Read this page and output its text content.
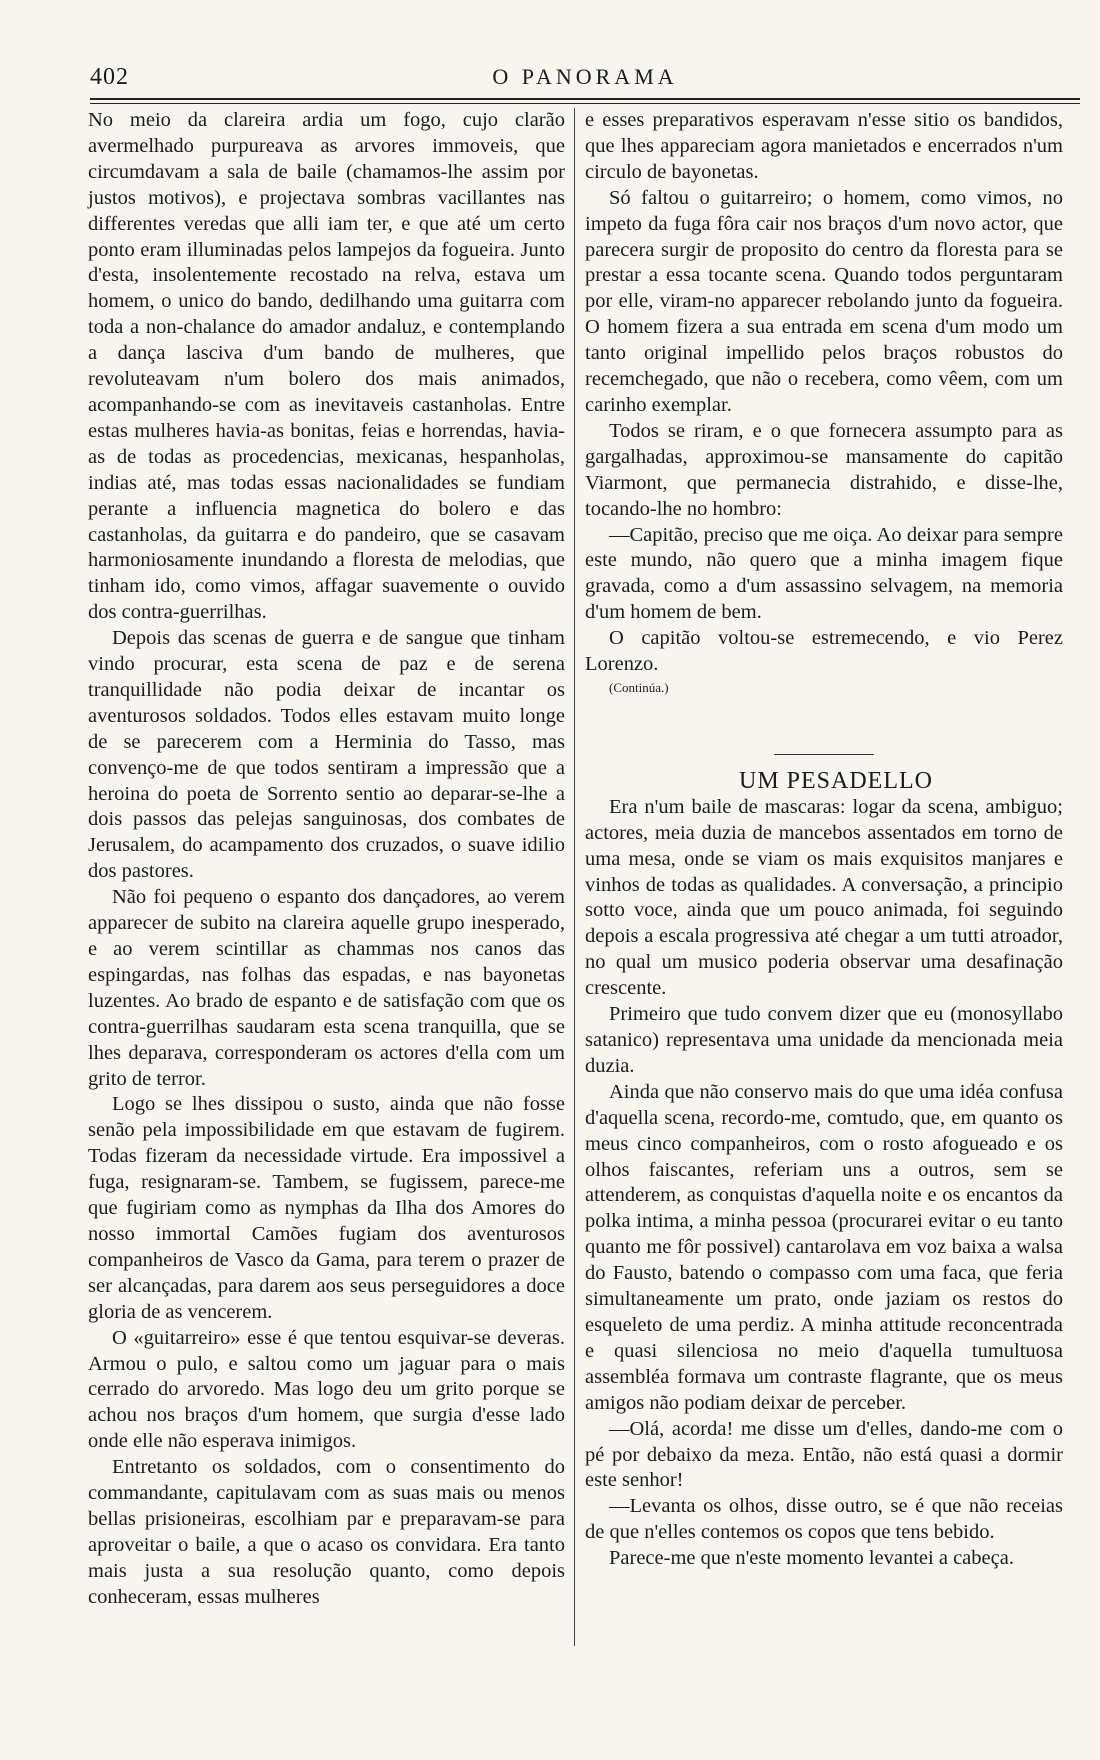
402	O PANORAMA

No meio da clareira ardia um fogo, cujo clarão avermelhado purpureava as arvores immoveis, que circumdavam a sala de baile (chamamos-lhe assim por justos motivos), e projectava sombras vacillantes nas differentes veredas que alli iam ter, e que até um certo ponto eram illuminadas pelos lampejos da fogueira. Junto d'esta, insolentemente recostado na relva, estava um homem, o unico do bando, dedilhando uma guitarra com toda a non-chalance do amador andaluz, e contemplando a dança lasciva d'um bando de mulheres, que revoluteavam n'um bolero dos mais animados, acompanhando-se com as inevitaveis castanholas. Entre estas mulheres havia-as bonitas, feias e horrendas, havia-as de todas as procedencias, mexicanas, hespanholas, indias até, mas todas essas nacionalidades se fundiam perante a influencia magnetica do bolero e das castanholas, da guitarra e do pandeiro, que se casavam harmoniosamente inundando a floresta de melodias, que tinham ido, como vimos, affagar suavemente o ouvido dos contra-guerrilhas.

Depois das scenas de guerra e de sangue que tinham vindo procurar, esta scena de paz e de serena tranquillidade não podia deixar de incantar os aventurosos soldados. Todos elles estavam muito longe de se parecerem com a Herminia do Tasso, mas convenço-me de que todos sentiram a impressão que a heroina do poeta de Sorrento sentio ao deparar-se-lhe a dois passos das pelejas sanguinosas, dos combates de Jerusalem, do acampamento dos cruzados, o suave idilio dos pastores.

Não foi pequeno o espanto dos dançadores, ao verem apparecer de subito na clareira aquelle grupo inesperado, e ao verem scintillar as chammas nos canos das espingardas, nas folhas das espadas, e nas bayonetas luzentes. Ao brado de espanto e de satisfação com que os contra-guerrilhas saudaram esta scena tranquilla, que se lhes deparava, corresponderam os actores d'ella com um grito de terror.

Logo se lhes dissipou o susto, ainda que não fosse senão pela impossibilidade em que estavam de fugirem. Todas fizeram da necessidade virtude. Era impossivel a fuga, resignaram-se. Tambem, se fugissem, parece-me que fugiriam como as nymphas da Ilha dos Amores do nosso immortal Camões fugiam dos aventurosos companheiros de Vasco da Gama, para terem o prazer de ser alcançadas, para darem aos seus perseguidores a doce gloria de as vencerem.

O «guitarreiro» esse é que tentou esquivar-se deveras. Armou o pulo, e saltou como um jaguar para o mais cerrado do arvoredo. Mas logo deu um grito porque se achou nos braços d'um homem, que surgia d'esse lado onde elle não esperava inimigos.

Entretanto os soldados, com o consentimento do commandante, capitulavam com as suas mais ou menos bellas prisioneiras, escolhiam par e preparavam-se para aproveitar o baile, a que o acaso os convidara. Era tanto mais justa a sua resolução quanto, como depois conheceram, essas mulheres

e esses preparativos esperavam n'esse sitio os bandidos, que lhes appareciam agora manietados e encerrados n'um circulo de bayonetas.

Só faltou o guitarreiro; o homem, como vimos, no impeto da fuga fôra cair nos braços d'um novo actor, que parecera surgir de proposito do centro da floresta para se prestar a essa tocante scena. Quando todos perguntaram por elle, viram-no apparecer rebolando junto da fogueira. O homem fizera a sua entrada em scena d'um modo um tanto original impellido pelos braços robustos do recemchegado, que não o recebera, como vêem, com um carinho exemplar.

Todos se riram, e o que fornecera assumpto para as gargalhadas, approximou-se mansamente do capitão Viarmont, que permanecia distrahido, e disse-lhe, tocando-lhe no hombro:

—Capitão, preciso que me oiça. Ao deixar para sempre este mundo, não quero que a minha imagem fique gravada, como a d'um assassino selvagem, na memoria d'um homem de bem.

O capitão voltou-se estremecendo, e vio Perez Lorenzo.

(Continúa.)

UM PESADELLO

Era n'um baile de mascaras: logar da scena, ambiguo; actores, meia duzia de mancebos assentados em torno de uma mesa, onde se viam os mais exquisitos manjares e vinhos de todas as qualidades. A conversação, a principio sotto voce, ainda que um pouco animada, foi seguindo depois a escala progressiva até chegar a um tutti atroador, no qual um musico poderia observar uma desafinação crescente.

Primeiro que tudo convem dizer que eu (monosyllabo satanico) representava uma unidade da mencionada meia duzia.

Ainda que não conservo mais do que uma idéa confusa d'aquella scena, recordo-me, comtudo, que, em quanto os meus cinco companheiros, com o rosto afogueado e os olhos faiscantes, referiam uns a outros, sem se attenderem, as conquistas d'aquella noite e os encantos da polka intima, a minha pessoa (procurarei evitar o eu tanto quanto me fôr possivel) cantarolava em voz baixa a walsa do Fausto, batendo o compasso com uma faca, que feria simultaneamente um prato, onde jaziam os restos do esqueleto de uma perdiz. A minha attitude reconcentrada e quasi silenciosa no meio d'aquella tumultuosa assembléa formava um contraste flagrante, que os meus amigos não podiam deixar de perceber.

—Olá, acorda! me disse um d'elles, dando-me com o pé por debaixo da meza. Então, não está quasi a dormir este senhor!

—Levanta os olhos, disse outro, se é que não receias de que n'elles contemos os copos que tens bebido.

Parece-me que n'este momento levantei a cabeça.
